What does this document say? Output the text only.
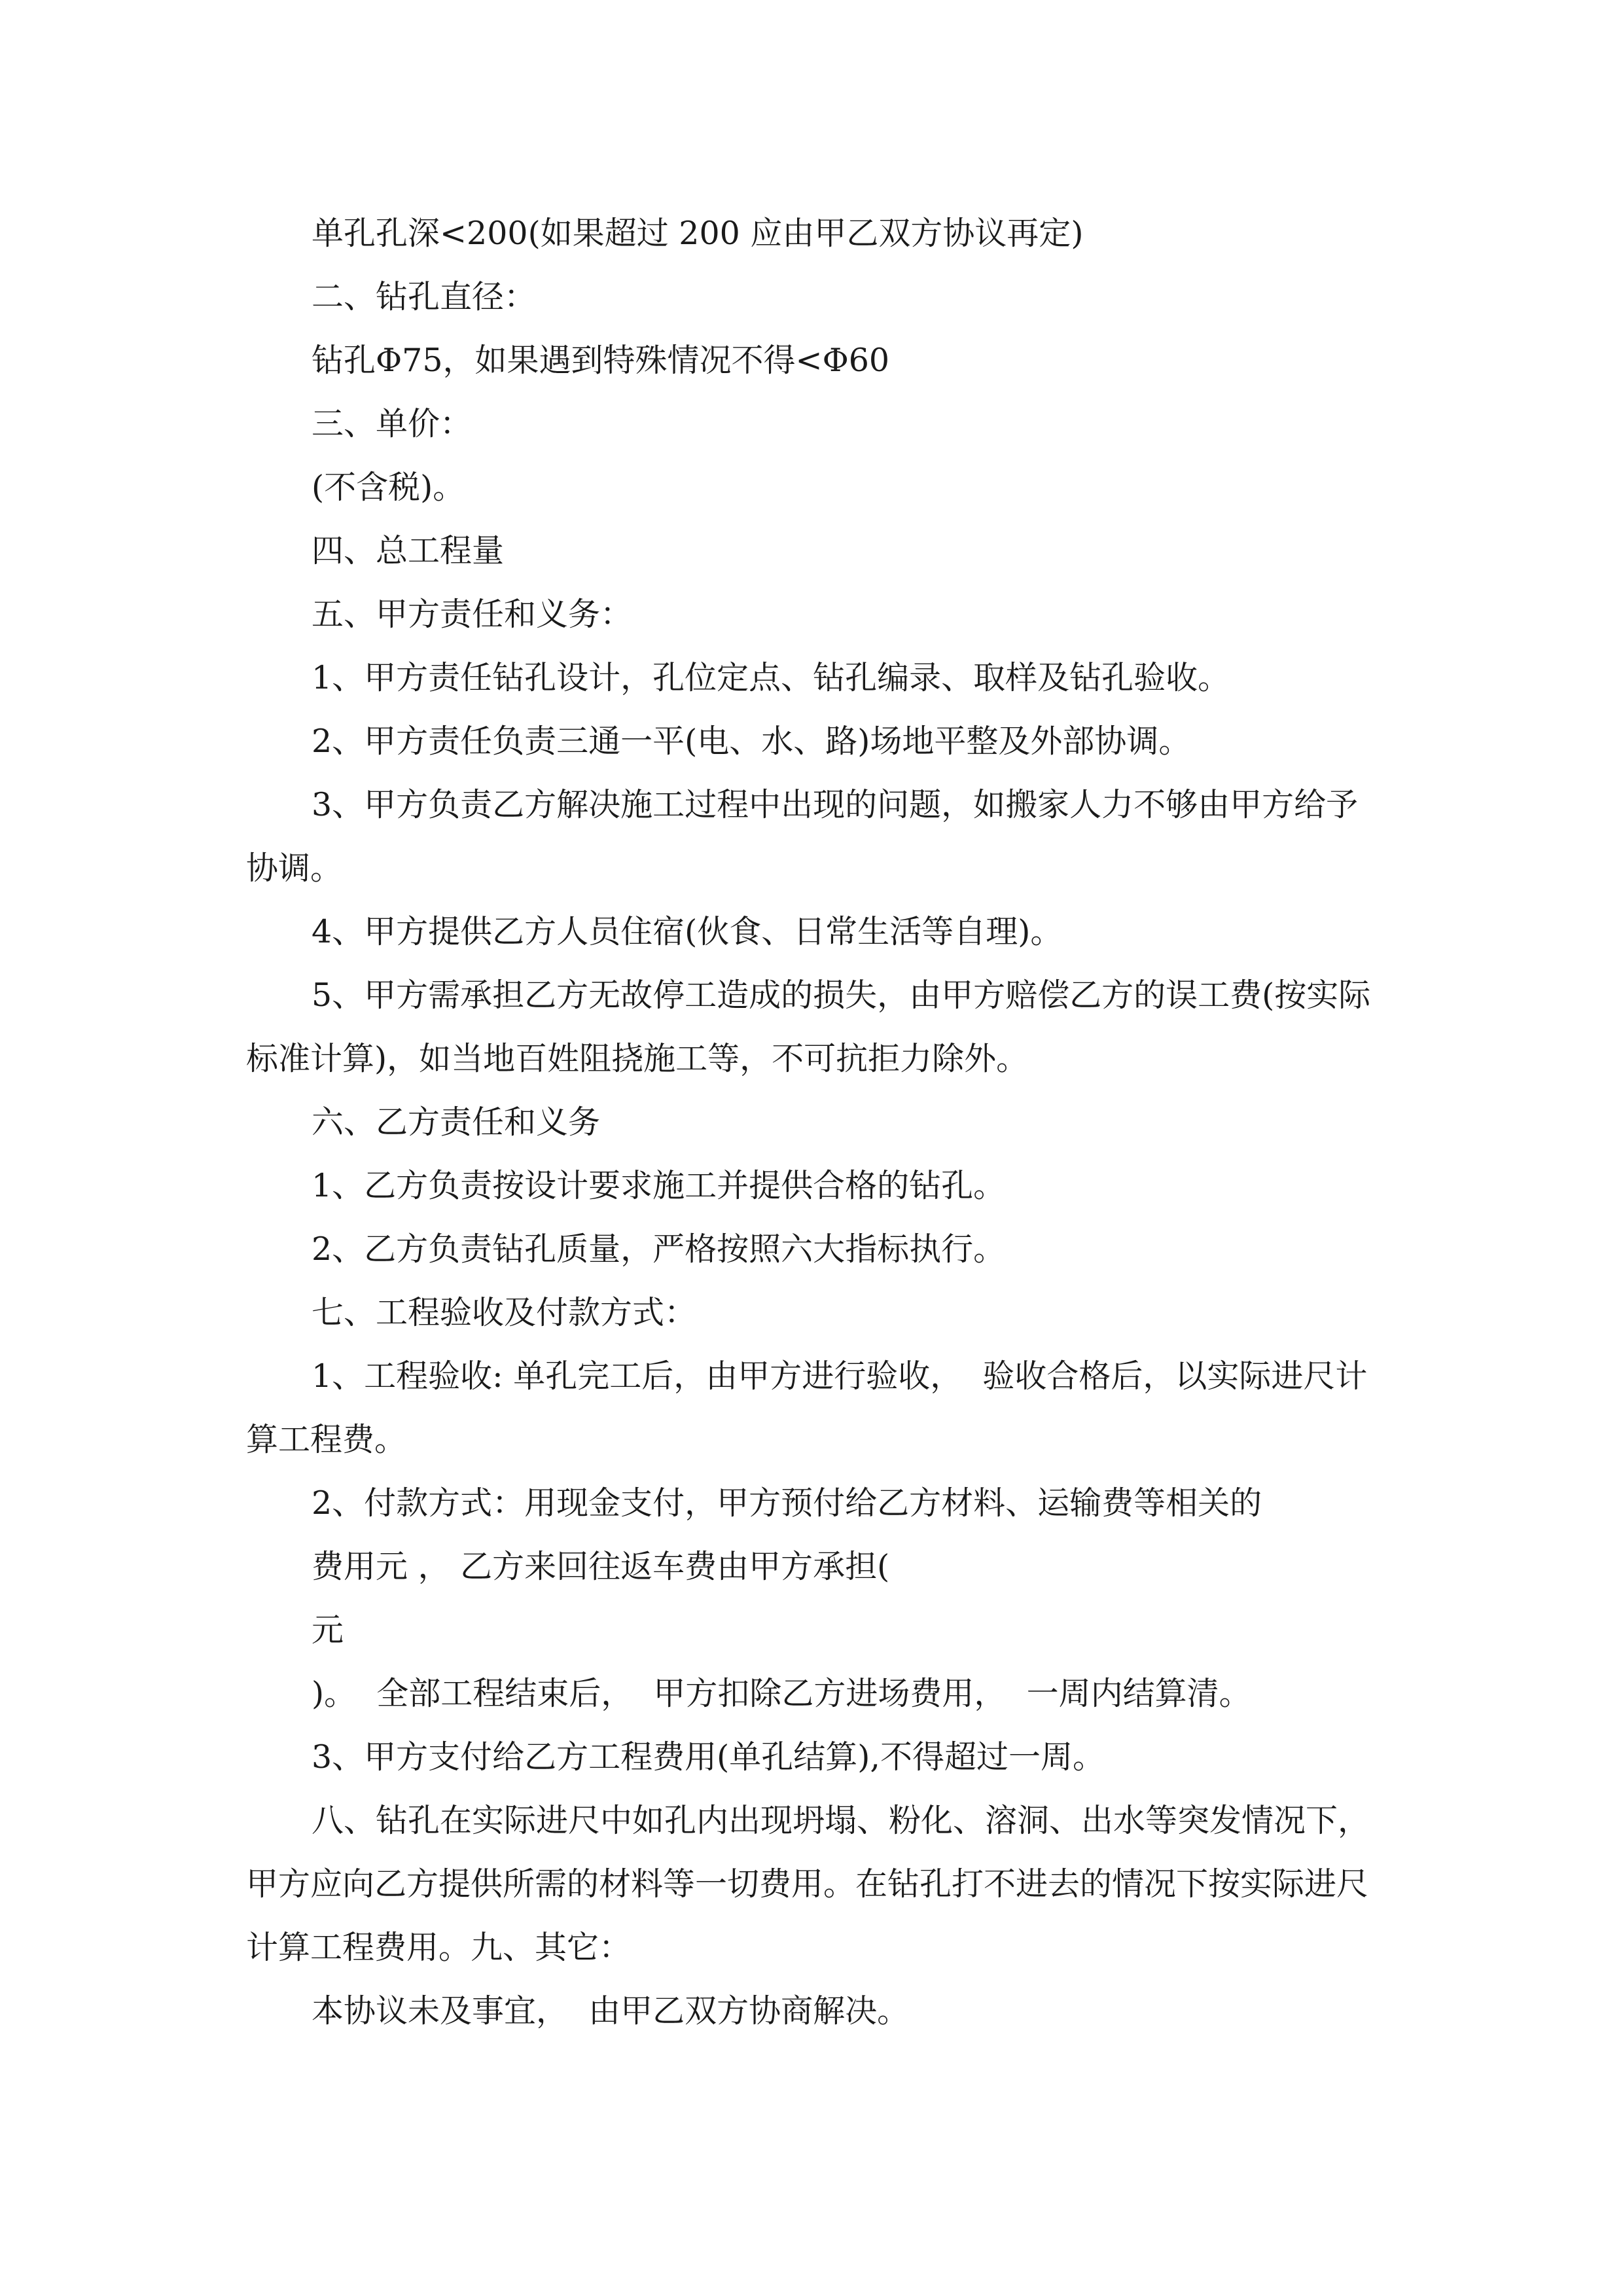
单孔孔深<200(如果超过 200 应由甲乙双方协议再定)

二、钻孔直径：

钻孔Φ75，如果遇到特殊情况不得<Φ60

三、单价：

(不含税)。

四、总工程量

五、甲方责任和义务：

1、甲方责任钻孔设计，孔位定点、钻孔编录、取样及钻孔验收。

2、甲方责任负责三通一平(电、水、路)场地平整及外部协调。

3、甲方负责乙方解决施工过程中出现的问题，如搬家人力不够由甲方给予协调。

4、甲方提供乙方人员住宿(伙食、日常生活等自理)。

5、甲方需承担乙方无故停工造成的损失，由甲方赔偿乙方的误工费(按实际标准计算)，如当地百姓阻挠施工等，不可抗拒力除外。

六、乙方责任和义务

1、乙方负责按设计要求施工并提供合格的钻孔。

2、乙方负责钻孔质量，严格按照六大指标执行。

七、工程验收及付款方式：

1、工程验收: 单孔完工后，由甲方进行验收，  验收合格后，以实际进尺计算工程费。

2、付款方式：用现金支付，甲方预付给乙方材料、运输费等相关的

费用元 ， 乙方来回往返车费由甲方承担(

元

)。  全部工程结束后，  甲方扣除乙方进场费用，  一周内结算清。

3、甲方支付给乙方工程费用(单孔结算),不得超过一周。

八、钻孔在实际进尺中如孔内出现坍塌、粉化、溶洞、出水等突发情况下，甲方应向乙方提供所需的材料等一切费用。在钻孔打不进去的情况下按实际进尺计算工程费用。九、其它：

本协议未及事宜，  由甲乙双方协商解决。
